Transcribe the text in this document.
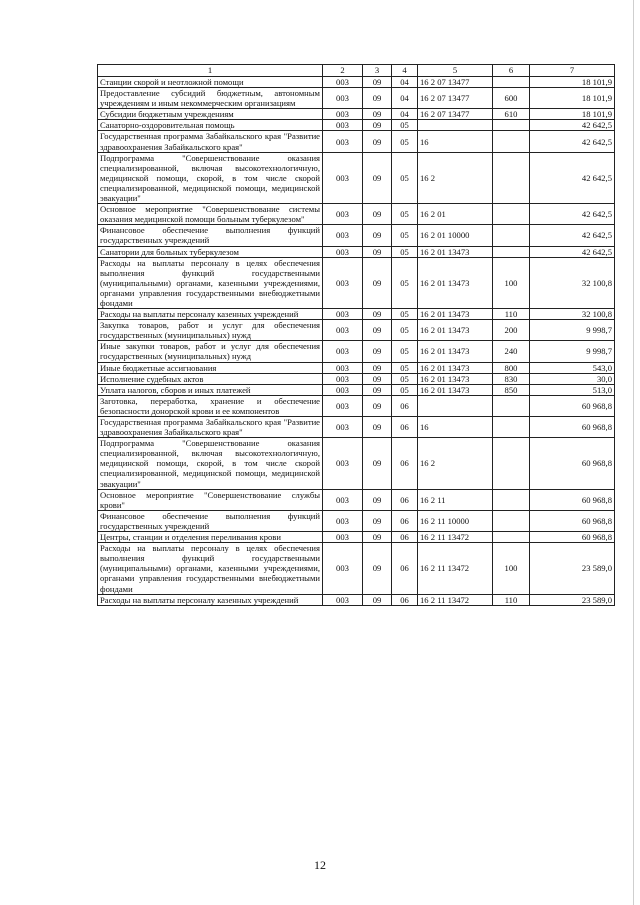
1	2	3	4	5	6	7
Станции скорой и неотложной помощи	003	09	04	16 2 07 13477		18 101,9
Предоставление субсидий бюджетным, автономным учреждениям и иным некоммерческим организациям	003	09	04	16 2 07 13477	600	18 101,9
Субсидии бюджетным учреждениям	003	09	04	16 2 07 13477	610	18 101,9
Санаторно-оздоровительная помощь	003	09	05			42 642,5
Государственная программа Забайкальского края "Развитие здравоохранения Забайкальского края"	003	09	05	16		42 642,5
Подпрограмма "Совершенствование оказания специализированной, включая высокотехнологичную, медицинской помощи, скорой, в том числе скорой специализированной, медицинской помощи, медицинской эвакуации"	003	09	05	16 2		42 642,5
Основное мероприятие "Совершенствование системы оказания медицинской помощи больным туберкулезом"	003	09	05	16 2 01		42 642,5
Финансовое обеспечение выполнения функций государственных учреждений	003	09	05	16 2 01 10000		42 642,5
Санатории для больных туберкулезом	003	09	05	16 2 01 13473		42 642,5
Расходы на выплаты персоналу в целях обеспечения выполнения функций государственными (муниципальными) органами, казенными учреждениями, органами управления государственными внебюджетными фондами	003	09	05	16 2 01 13473	100	32 100,8
Расходы на выплаты персоналу казенных учреждений	003	09	05	16 2 01 13473	110	32 100,8
Закупка товаров, работ и услуг для обеспечения государственных (муниципальных) нужд	003	09	05	16 2 01 13473	200	9 998,7
Иные закупки товаров, работ и услуг для обеспечения государственных (муниципальных) нужд	003	09	05	16 2 01 13473	240	9 998,7
Иные бюджетные ассигнования	003	09	05	16 2 01 13473	800	543,0
Исполнение судебных актов	003	09	05	16 2 01 13473	830	30,0
Уплата налогов, сборов и иных платежей	003	09	05	16 2 01 13473	850	513,0
Заготовка, переработка, хранение и обеспечение безопасности донорской крови и ее компонентов	003	09	06			60 968,8
Государственная программа Забайкальского края "Развитие здравоохранения Забайкальского края"	003	09	06	16		60 968,8
Подпрограмма "Совершенствование оказания специализированной, включая высокотехнологичную, медицинской помощи, скорой, в том числе скорой специализированной, медицинской помощи, медицинской эвакуации"	003	09	06	16 2		60 968,8
Основное мероприятие "Совершенствование службы крови"	003	09	06	16 2 11		60 968,8
Финансовое обеспечение выполнения функций государственных учреждений	003	09	06	16 2 11 10000		60 968,8
Центры, станции и отделения переливания крови	003	09	06	16 2 11 13472		60 968,8
Расходы на выплаты персоналу в целях обеспечения выполнения функций государственными (муниципальными) органами, казенными учреждениями, органами управления государственными внебюджетными фондами	003	09	06	16 2 11 13472	100	23 589,0
Расходы на выплаты персоналу казенных учреждений	003	09	06	16 2 11 13472	110	23 589,0
12
